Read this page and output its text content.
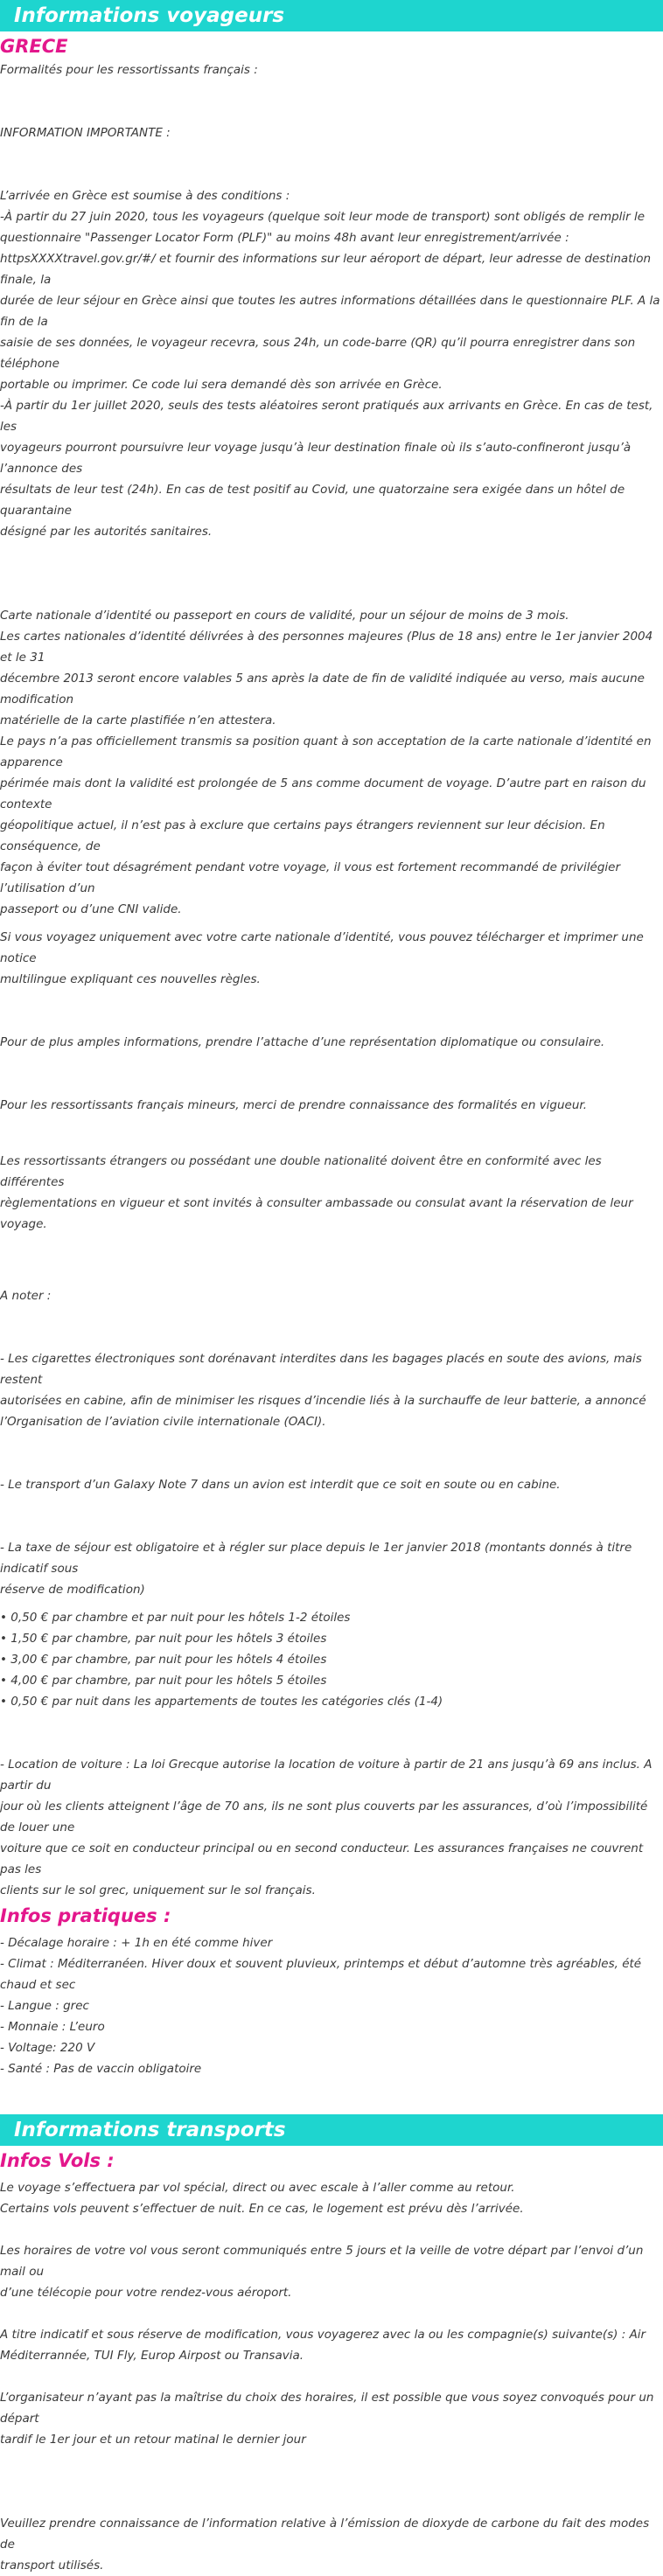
Informations voyageurs
GRECE

Formalités pour les ressortissants français :

INFORMATION IMPORTANTE :

L’arrivée en Grèce est soumise à des conditions :

-À partir du 27 juin 2020, tous les voyageurs (quelque soit leur mode de transport) sont obligés de remplir le

questionnaire "Passenger Locator Form (PLF)" au moins 48h avant leur enregistrement/arrivée :

httpsXXXXtravel.gov.gr/#/ et fournir des informations sur leur aéroport de départ, leur adresse de destination finale, la

durée de leur séjour en Grèce ainsi que toutes les autres informations détaillées dans le questionnaire PLF. A la fin de la

saisie de ses données, le voyageur recevra, sous 24h, un code-barre (QR) qu’il pourra enregistrer dans son téléphone

portable ou imprimer. Ce code lui sera demandé dès son arrivée en Grèce.

-À partir du 1er juillet 2020, seuls des tests aléatoires seront pratiqués aux arrivants en Grèce. En cas de test, les

voyageurs pourront poursuivre leur voyage jusqu’à leur destination finale où ils s’auto-confineront jusqu’à l’annonce des

résultats de leur test (24h). En cas de test positif au Covid, une quatorzaine sera exigée dans un hôtel de quarantaine

désigné par les autorités sanitaires.

Carte nationale d’identité ou passeport en cours de validité, pour un séjour de moins de 3 mois.

Les cartes nationales d’identité délivrées à des personnes majeures (Plus de 18 ans) entre le 1er janvier 2004 et le 31

décembre 2013 seront encore valables 5 ans après la date de fin de validité indiquée au verso, mais aucune modification

matérielle de la carte plastifiée n’en attestera.

Le pays n’a pas officiellement transmis sa position quant à son acceptation de la carte nationale d’identité en apparence

périmée mais dont la validité est prolongée de 5 ans comme document de voyage. D’autre part en raison du contexte

géopolitique actuel, il n’est pas à exclure que certains pays étrangers reviennent sur leur décision. En conséquence, de

façon à éviter tout désagrément pendant votre voyage, il vous est fortement recommandé de privilégier l’utilisation d’un

passeport ou d’une CNI valide.

Si vous voyagez uniquement avec votre carte nationale d’identité, vous pouvez télécharger et imprimer une notice

multilingue expliquant ces nouvelles règles.

Pour de plus amples informations, prendre l’attache d’une représentation diplomatique ou consulaire.

Pour les ressortissants français mineurs, merci de prendre connaissance des formalités en vigueur.

Les ressortissants étrangers ou possédant une double nationalité doivent être en conformité avec les différentes

règlementations en vigueur et sont invités à consulter ambassade ou consulat avant la réservation de leur voyage.

A noter :

- Les cigarettes électroniques sont dorénavant interdites dans les bagages placés en soute des avions, mais restent

autorisées en cabine, afin de minimiser les risques d’incendie liés à la surchauffe de leur batterie, a annoncé

l’Organisation de l’aviation civile internationale (OACI).

- Le transport d’un Galaxy Note 7 dans un avion est interdit que ce soit en soute ou en cabine.

- La taxe de séjour est obligatoire et à régler sur place depuis le 1er janvier 2018 (montants donnés à titre indicatif sous

réserve de modification)

• 0,50 € par chambre et par nuit pour les hôtels 1-2 étoiles

• 1,50 € par chambre, par nuit pour les hôtels 3 étoiles

• 3,00 € par chambre, par nuit pour les hôtels 4 étoiles

• 4,00 € par chambre, par nuit pour les hôtels 5 étoiles

• 0,50 € par nuit dans les appartements de toutes les catégories clés (1-4)

- Location de voiture : La loi Grecque autorise la location de voiture à partir de 21 ans jusqu’à 69 ans inclus. A partir du

jour où les clients atteignent l’âge de 70 ans, ils ne sont plus couverts par les assurances, d’où l’impossibilité de louer une

voiture que ce soit en conducteur principal ou en second conducteur. Les assurances françaises ne couvrent pas les

clients sur le sol grec, uniquement sur le sol français.

Infos pratiques :

- Décalage horaire : + 1h en été comme hiver

- Climat : Méditerranéen. Hiver doux et souvent pluvieux, printemps et début d’automne très agréables, été chaud et sec

- Langue : grec

- Monnaie : L’euro

- Voltage: 220 V

- Santé : Pas de vaccin obligatoire

Informations transports
Infos Vols :

Le voyage s’effectuera par vol spécial, direct ou avec escale à l’aller comme au retour.

Certains vols peuvent s’effectuer de nuit. En ce cas, le logement est prévu dès l’arrivée.

Les horaires de votre vol vous seront communiqués entre 5 jours et la veille de votre départ par l’envoi d’un mail ou

d’une télécopie pour votre rendez-vous aéroport.

A titre indicatif et sous réserve de modification, vous voyagerez avec la ou les compagnie(s) suivante(s) : Air

Méditerrannée, TUI Fly, Europ Airpost ou Transavia.

L’organisateur n’ayant pas la maîtrise du choix des horaires, il est possible que vous soyez convoqués pour un départ

tardif le 1er jour et un retour matinal le dernier jour

Veuillez prendre connaissance de l’information relative à l’émission de dioxyde de carbone du fait des modes de

transport utilisés.
